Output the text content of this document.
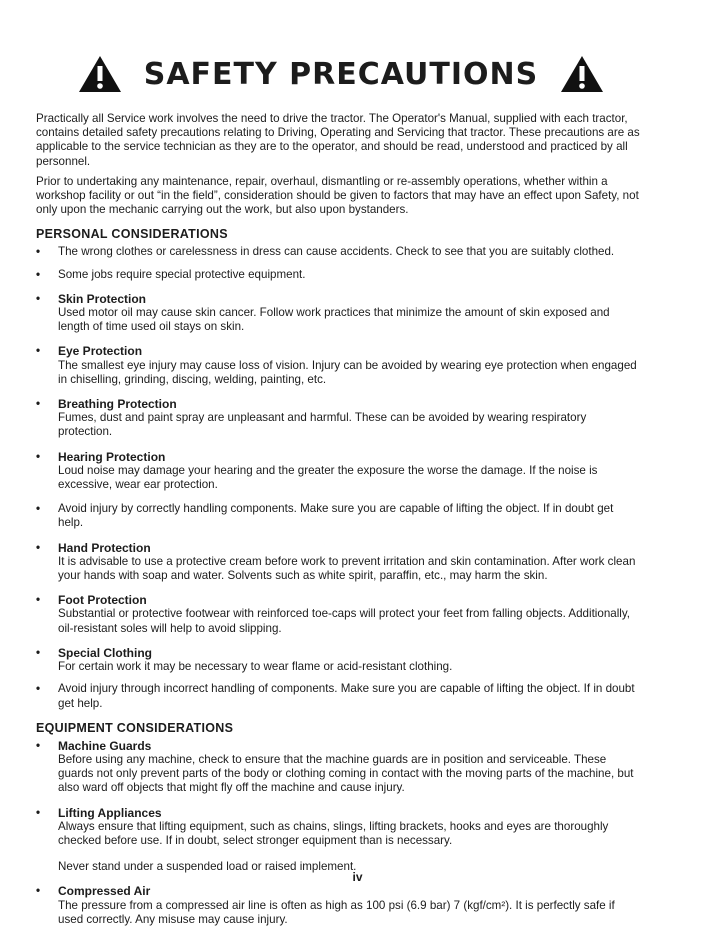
SAFETY PRECAUTIONS

Practically all Service work involves the need to drive the tractor. The Operator's Manual, supplied with each tractor, contains detailed safety precautions relating to Driving, Operating and Servicing that tractor. These precautions are as applicable to the service technician as they are to the operator, and should be read, understood and practiced by all personnel.

Prior to undertaking any maintenance, repair, overhaul, dismantling or re-assembly operations, whether within a workshop facility or out “in the field”, consideration should be given to factors that may have an effect upon Safety, not only upon the mechanic carrying out the work, but also upon bystanders.

PERSONAL CONSIDERATIONS
• The wrong clothes or carelessness in dress can cause accidents. Check to see that you are suitably clothed.
• Some jobs require special protective equipment.
• Skin Protection
Used motor oil may cause skin cancer. Follow work practices that minimize the amount of skin exposed and length of time used oil stays on skin.
• Eye Protection
The smallest eye injury may cause loss of vision. Injury can be avoided by wearing eye protection when engaged in chiselling, grinding, discing, welding, painting, etc.
• Breathing Protection
Fumes, dust and paint spray are unpleasant and harmful. These can be avoided by wearing respiratory protection.
• Hearing Protection
Loud noise may damage your hearing and the greater the exposure the worse the damage. If the noise is excessive, wear ear protection.
• Avoid injury by correctly handling components. Make sure you are capable of lifting the object. If in doubt get help.
• Hand Protection
It is advisable to use a protective cream before work to prevent irritation and skin contamination. After work clean your hands with soap and water. Solvents such as white spirit, paraffin, etc., may harm the skin.
• Foot Protection
Substantial or protective footwear with reinforced toe-caps will protect your feet from falling objects. Additionally, oil-resistant soles will help to avoid slipping.
• Special Clothing
For certain work it may be necessary to wear flame or acid-resistant clothing.
• Avoid injury through incorrect handling of components. Make sure you are capable of lifting the object. If in doubt get help.
EQUIPMENT CONSIDERATIONS
• Machine Guards
Before using any machine, check to ensure that the machine guards are in position and serviceable. These guards not only prevent parts of the body or clothing coming in contact with the moving parts of the machine, but also ward off objects that might fly off the machine and cause injury.
• Lifting Appliances
Always ensure that lifting equipment, such as chains, slings, lifting brackets, hooks and eyes are thoroughly checked before use. If in doubt, select stronger equipment than is necessary.
Never stand under a suspended load or raised implement.
• Compressed Air
The pressure from a compressed air line is often as high as 100 psi (6.9 bar) 7 (kgf/cm²). It is perfectly safe if used correctly. Any misuse may cause injury.
iv
